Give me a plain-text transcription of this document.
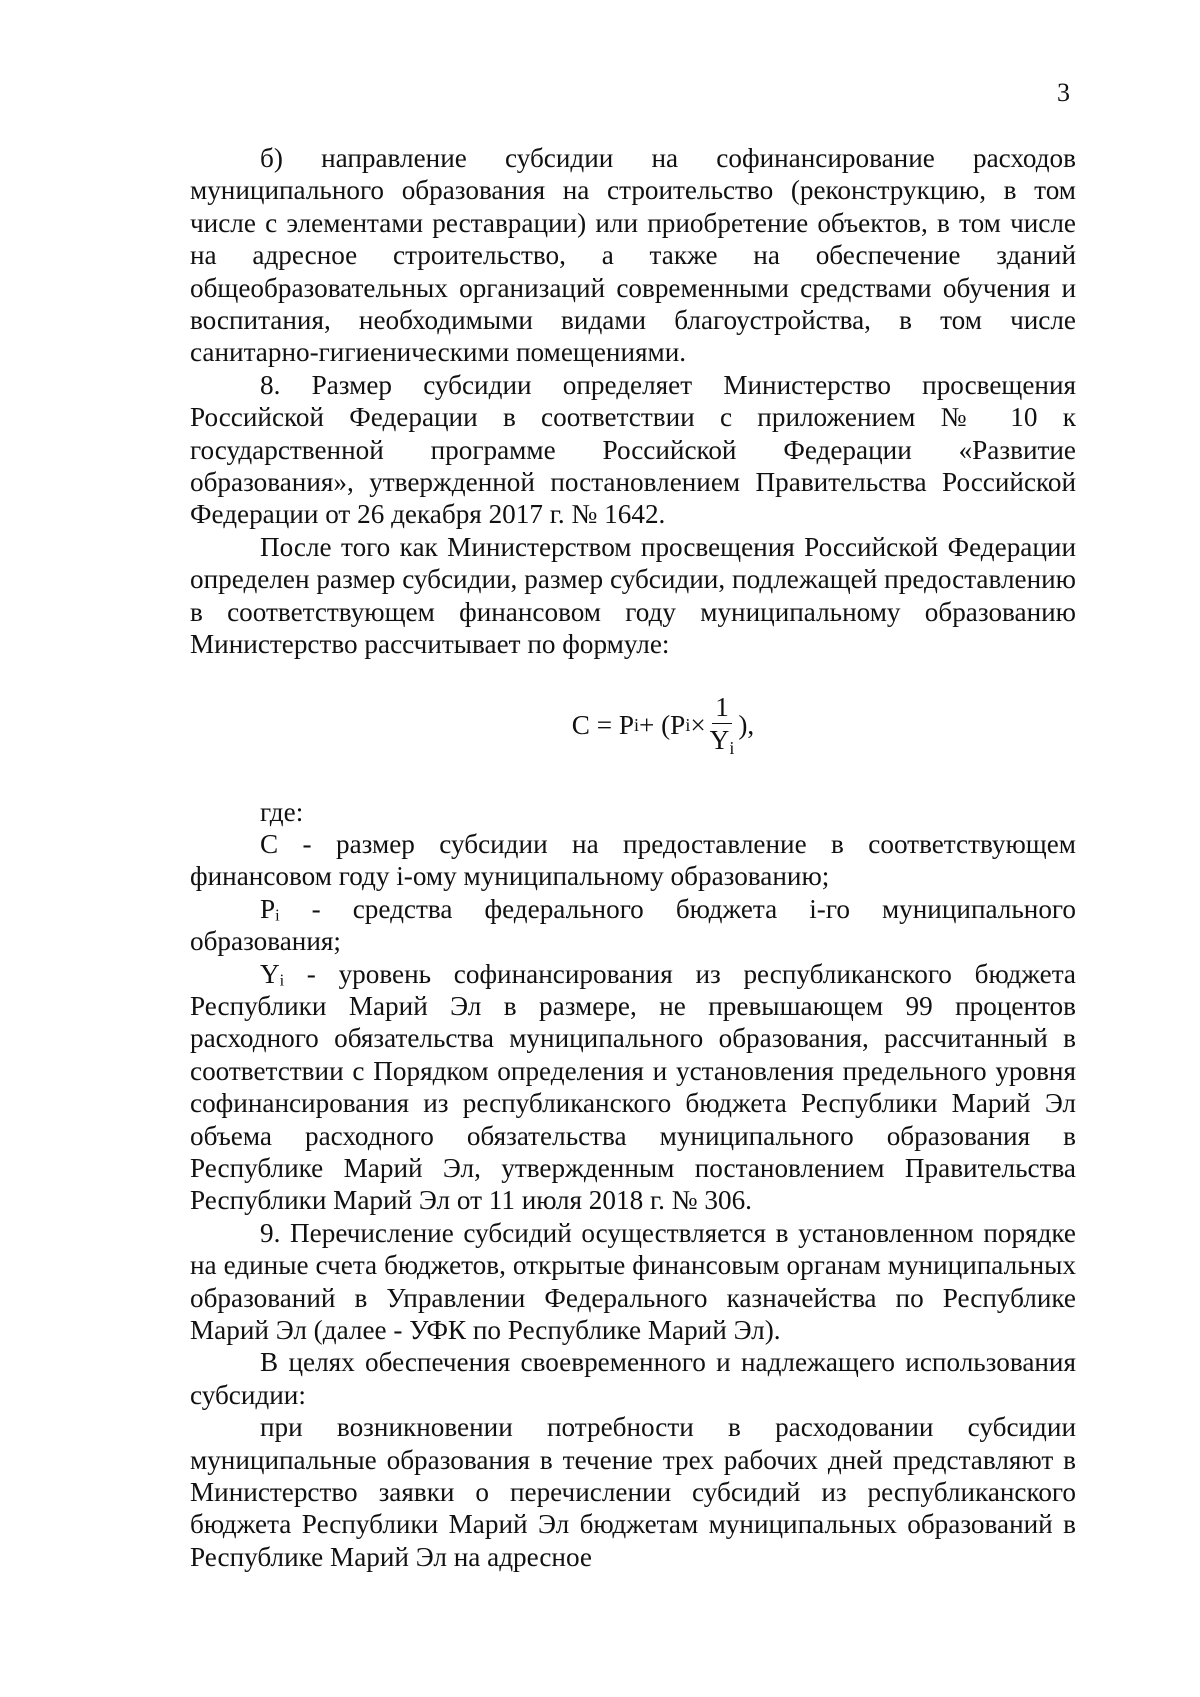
3

б) направление субсидии на софинансирование расходов муниципального образования на строительство (реконструкцию, в том числе с элементами реставрации) или приобретение объектов, в том числе на адресное строительство, а также на обеспечение зданий общеобразовательных организаций современными средствами обучения и воспитания, необходимыми видами благоустройства, в том числе санитарно-гигиеническими помещениями.

8. Размер субсидии определяет Министерство просвещения Российской Федерации в соответствии с приложением № 10 к государственной программе Российской Федерации «Развитие образования», утвержденной постановлением Правительства Российской Федерации от 26 декабря 2017 г. № 1642.

После того как Министерством просвещения Российской Федерации определен размер субсидии, размер субсидии, подлежащей предоставлению в соответствующем финансовом году муниципальному образованию Министерство рассчитывает по формуле:

C = P i + (P $i \times \frac{1}{Y_i}$ ),

где:

C - размер субсидии на предоставление в соответствующем финансовом году i-ому муниципальному образованию;

Pᵢ - средства федерального бюджета i-го муниципального образования;

Yᵢ - уровень софинансирования из республиканского бюджета Республики Марий Эл в размере, не превышающем 99 процентов расходного обязательства муниципального образования, рассчитанный в соответствии с Порядком определения и установления предельного уровня софинансирования из республиканского бюджета Республики Марий Эл объема расходного обязательства муниципального образования в Республике Марий Эл, утвержденным постановлением Правительства Республики Марий Эл от 11 июля 2018 г. № 306.

9. Перечисление субсидий осуществляется в установленном порядке на единые счета бюджетов, открытые финансовым органам муниципальных образований в Управлении Федерального казначейства по Республике Марий Эл (далее - УФК по Республике Марий Эл).

В целях обеспечения своевременного и надлежащего использования субсидии:

при возникновении потребности в расходовании субсидии муниципальные образования в течение трех рабочих дней представляют в Министерство заявки о перечислении субсидий из республиканского бюджета Республики Марий Эл бюджетам муниципальных образований в Республике Марий Эл на адресное
